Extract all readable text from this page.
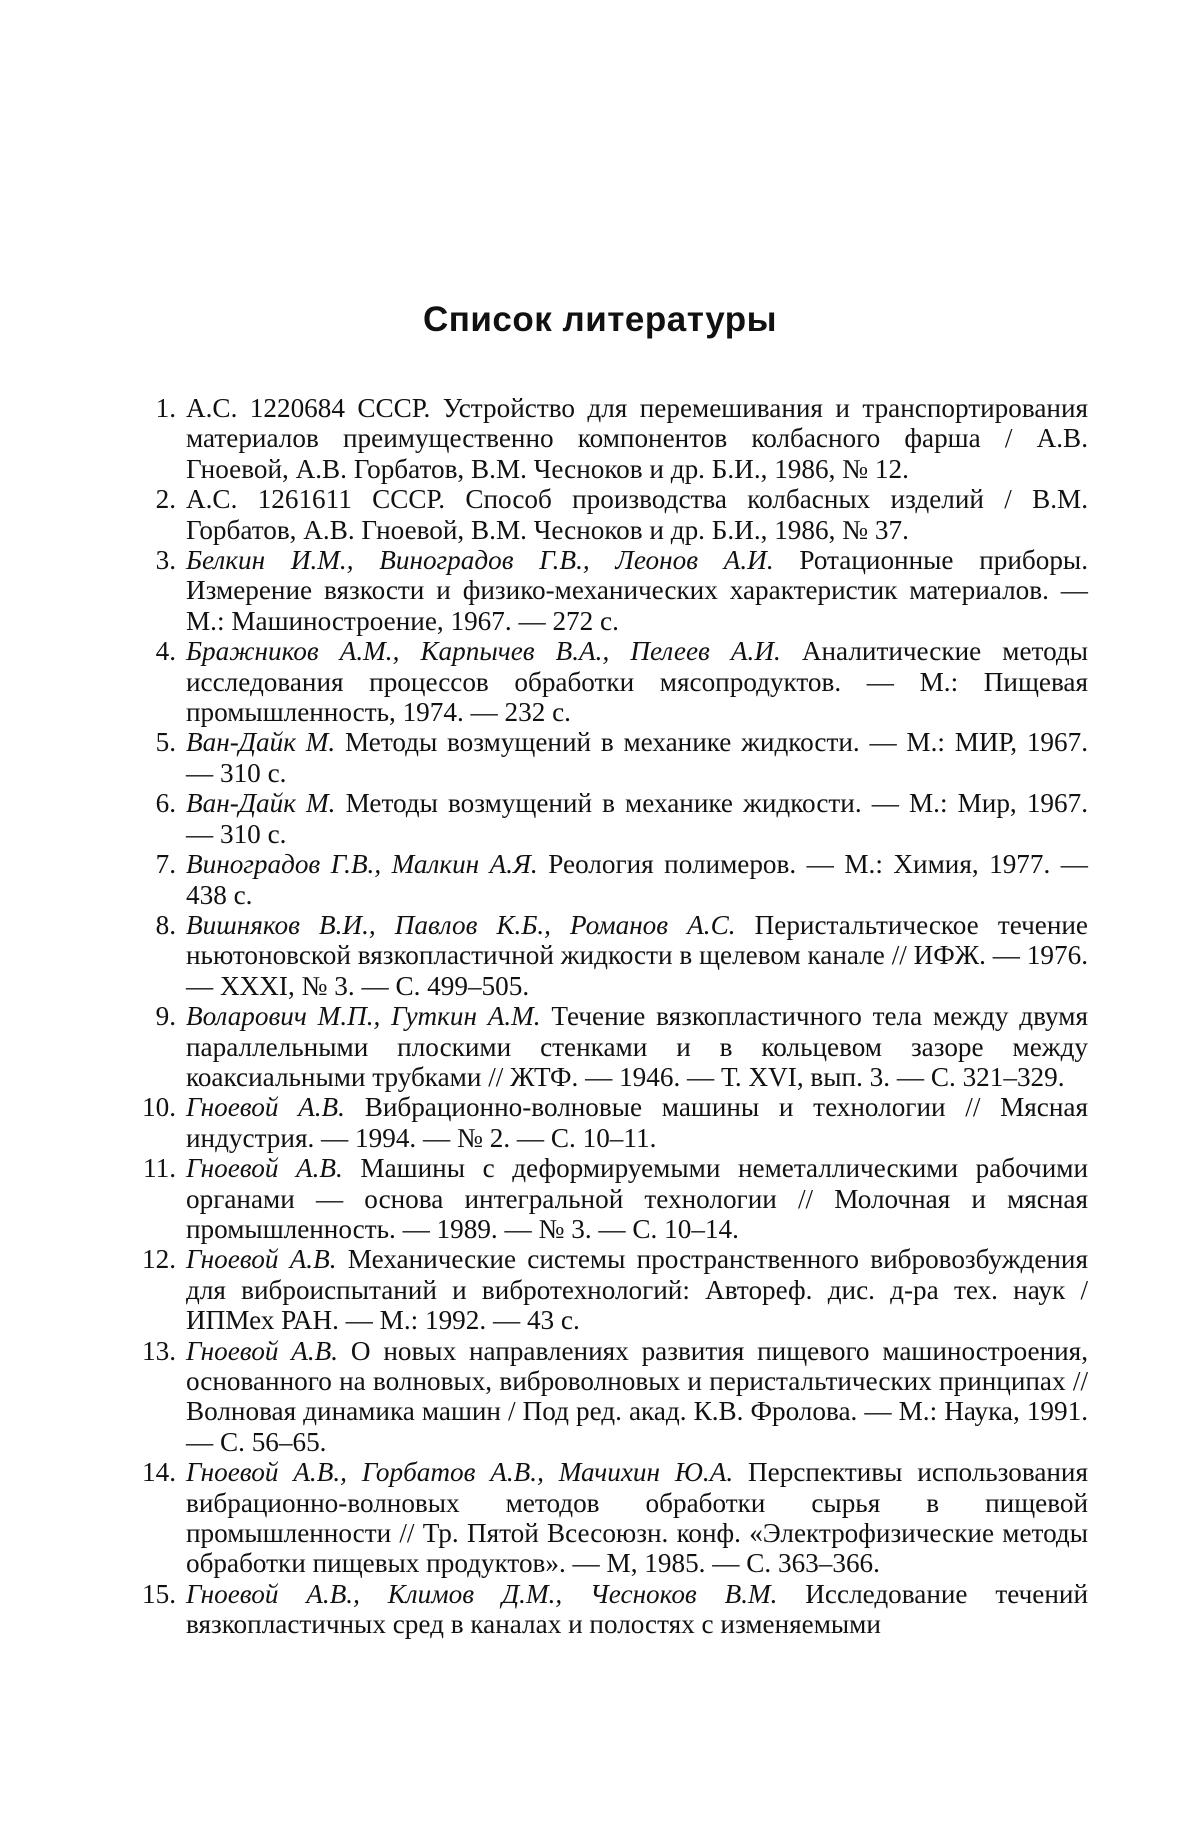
Список литературы
1. А.С. 1220684 СССР. Устройство для перемешивания и транспортирования материалов преимущественно компонентов колбасного фарша / А.В. Гноевой, А.В. Горбатов, В.М. Чесноков и др. Б.И., 1986, № 12.
2. А.С. 1261611 СССР. Способ производства колбасных изделий / В.М. Горбатов, А.В. Гноевой, В.М. Чесноков и др. Б.И., 1986, № 37.
3. Белкин И.М., Виноградов Г.В., Леонов А.И. Ротационные приборы. Измерение вязкости и физико-механических характеристик материалов. — М.: Машиностроение, 1967. — 272 с.
4. Бражников А.М., Карпычев В.А., Пелеев А.И. Аналитические методы исследования процессов обработки мясопродуктов. — М.: Пищевая промышленность, 1974. — 232 с.
5. Ван-Дайк М. Методы возмущений в механике жидкости. — М.: МИР, 1967. — 310 с.
6. Ван-Дайк М. Методы возмущений в механике жидкости. — М.: Мир, 1967. — 310 с.
7. Виноградов Г.В., Малкин А.Я. Реология полимеров. — М.: Химия, 1977. — 438 с.
8. Вишняков В.И., Павлов К.Б., Романов А.С. Перистальтическое течение ньютоновской вязкопластичной жидкости в щелевом канале // ИФЖ. — 1976. — XXXI, № 3. — С. 499–505.
9. Воларович М.П., Гуткин А.М. Течение вязкопластичного тела между двумя параллельными плоскими стенками и в кольцевом зазоре между коаксиальными трубками // ЖТФ. — 1946. — Т. XVI, вып. 3. — С. 321–329.
10. Гноевой А.В. Вибрационно-волновые машины и технологии // Мясная индустрия. — 1994. — № 2. — С. 10–11.
11. Гноевой А.В. Машины с деформируемыми неметаллическими рабочими органами — основа интегральной технологии // Молочная и мясная промышленность. — 1989. — № 3. — С. 10–14.
12. Гноевой А.В. Механические системы пространственного вибровозбуждения для виброиспытаний и вибротехнологий: Автореф. дис. д-ра тех. наук / ИПМех РАН. — М.: 1992. — 43 с.
13. Гноевой А.В. О новых направлениях развития пищевого машиностроения, основанного на волновых, виброволновых и перистальтических принципах // Волновая динамика машин / Под ред. акад. К.В. Фролова. — М.: Наука, 1991. — С. 56–65.
14. Гноевой А.В., Горбатов А.В., Мачихин Ю.А. Перспективы использования вибрационно-волновых методов обработки сырья в пищевой промышленности // Тр. Пятой Всесоюзн. конф. «Электрофизические методы обработки пищевых продуктов». — М, 1985. — С. 363–366.
15. Гноевой А.В., Климов Д.М., Чесноков В.М. Исследование течений вязкопластичных сред в каналах и полостях с изменяемыми
